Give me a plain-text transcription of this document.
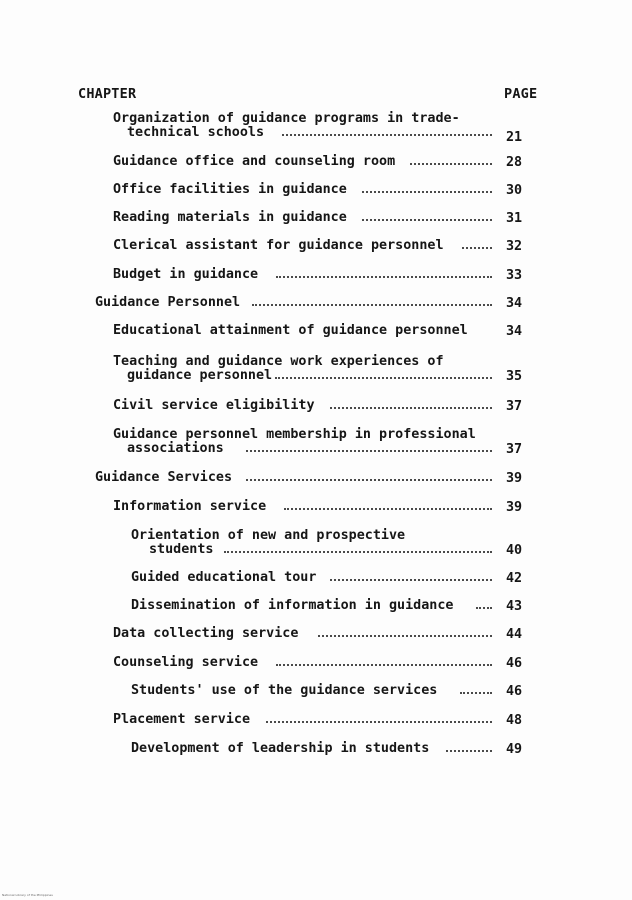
CHAPTER	PAGE
Organization of guidance programs in trade-
technical schools	21
Guidance office and counseling room	28
Office facilities in guidance	30
Reading materials in guidance	31
Clerical assistant for guidance personnel	32
Budget in guidance	33
Guidance Personnel	34
Educational attainment of guidance personnel	34
Teaching and guidance work experiences of
guidance personnel	35
Civil service eligibility	37
Guidance personnel membership in professional
associations	37
Guidance Services	39
Information service	39
Orientation of new and prospective
students	40
Guided educational tour	42
Dissemination of information in guidance	43
Data collecting service	44
Counseling service	46
Students' use of the guidance services	46
Placement service	48
Development of leadership in students	49
National Library of the Philippines
